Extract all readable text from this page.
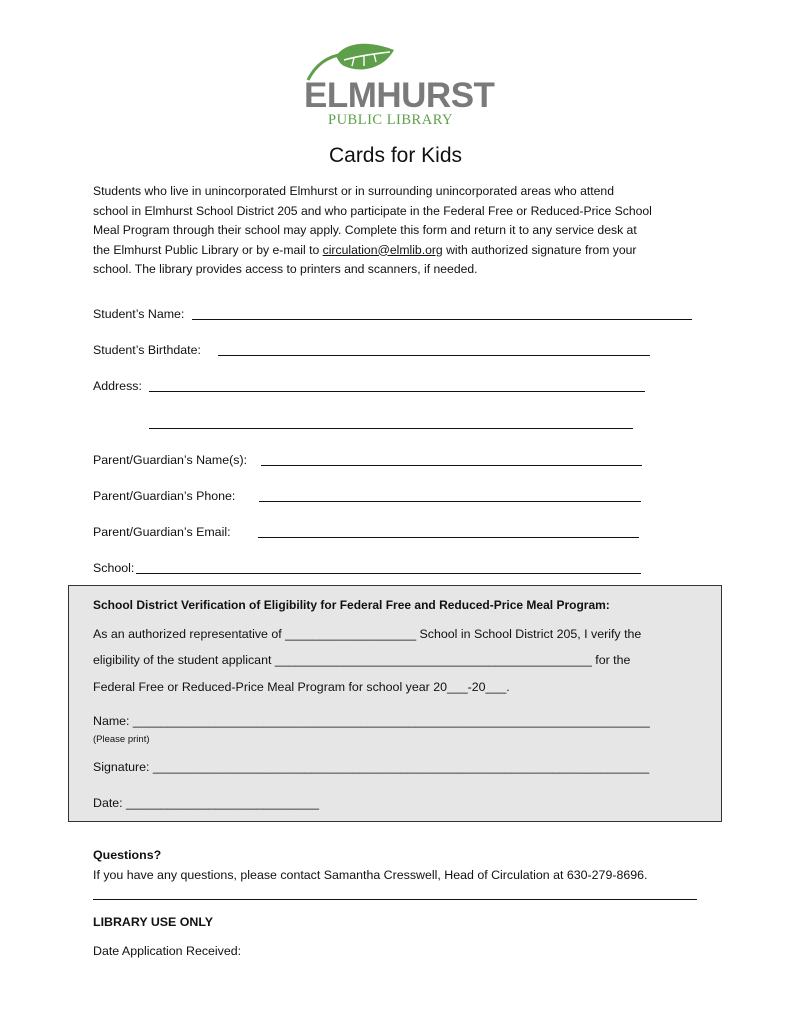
ELMHURST
PUBLIC LIBRARY
Cards for Kids
Students who live in unincorporated Elmhurst or in surrounding unincorporated areas who attend
school in Elmhurst School District 205 and who participate in the Federal Free or Reduced-Price School
Meal Program through their school may apply. Complete this form and return it to any service desk at
the Elmhurst Public Library or by e-mail to circulation@elmlib.org with authorized signature from your
school. The library provides access to printers and scanners, if needed.
Student’s Name:
Student’s Birthdate:
Address:
Parent/Guardian’s Name(s):
Parent/Guardian’s Phone:
Parent/Guardian’s Email:
School:
School District Verification of Eligibility for Federal Free and Reduced-Price Meal Program:
As an authorized representative of ___________________ School in School District 205, I verify the
eligibility of the student applicant ______________________________________________ for the
Federal Free or Reduced-Price Meal Program for school year 20___-20___.
Name: ___________________________________________________________________________
(Please print)
Signature: ________________________________________________________________________
Date: ____________________________
Questions?
If you have any questions, please contact Samantha Cresswell, Head of Circulation at 630-279-8696.
LIBRARY USE ONLY
Date Application Received:
